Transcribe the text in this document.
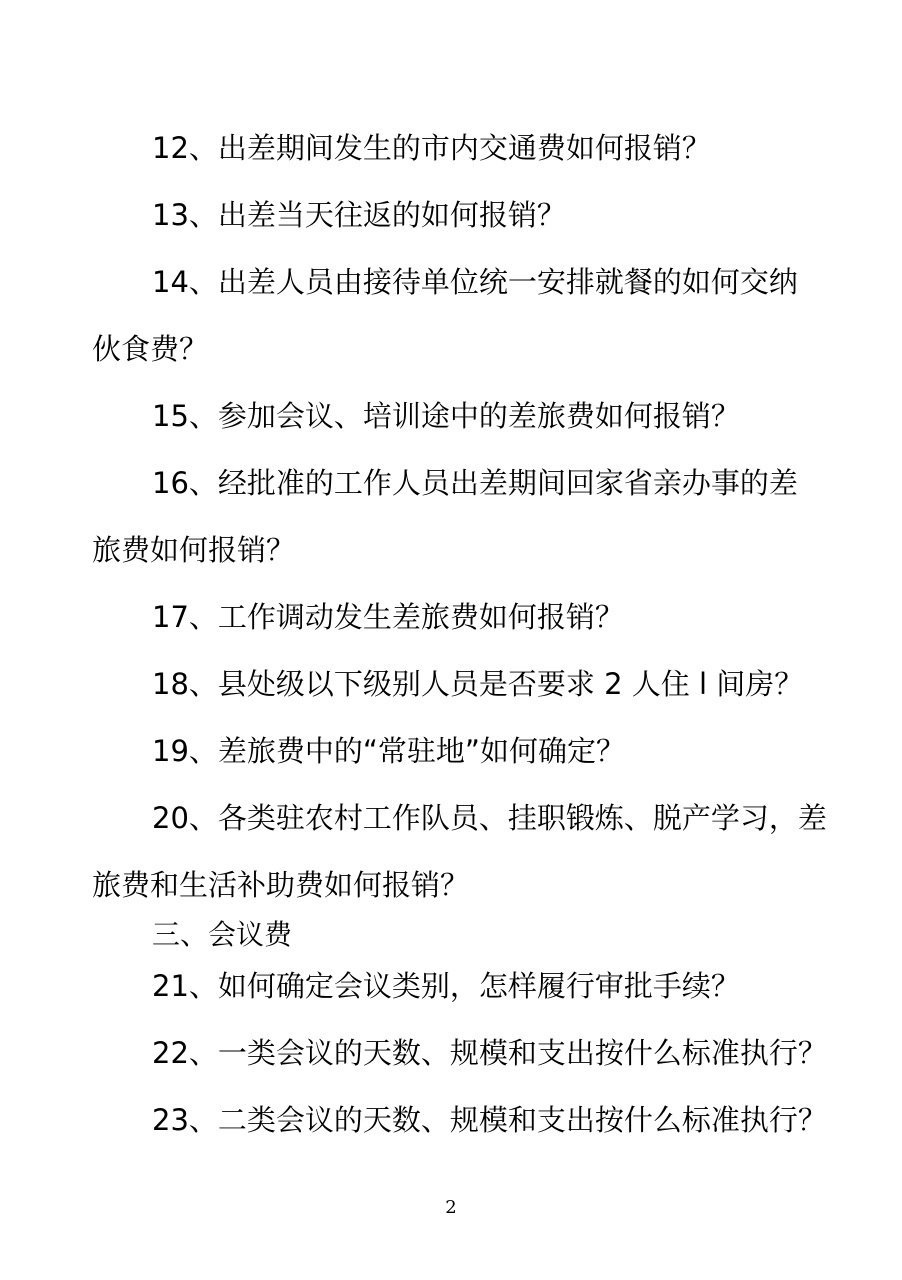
12、出差期间发生的市内交通费如何报销？
13、出差当天往返的如何报销？
14、出差人员由接待单位统一安排就餐的如何交纳
伙食费？
15、参加会议、培训途中的差旅费如何报销？
16、经批准的工作人员出差期间回家省亲办事的差
旅费如何报销？
17、工作调动发生差旅费如何报销？
18、县处级以下级别人员是否要求 2 人住 l 间房？
19、差旅费中的“常驻地”如何确定？
20、各类驻农村工作队员、挂职锻炼、脱产学习，差
旅费和生活补助费如何报销？
三、会议费
21、如何确定会议类别，怎样履行审批手续？
22、一类会议的天数、规模和支出按什么标准执行？
23、二类会议的天数、规模和支出按什么标准执行？
2
